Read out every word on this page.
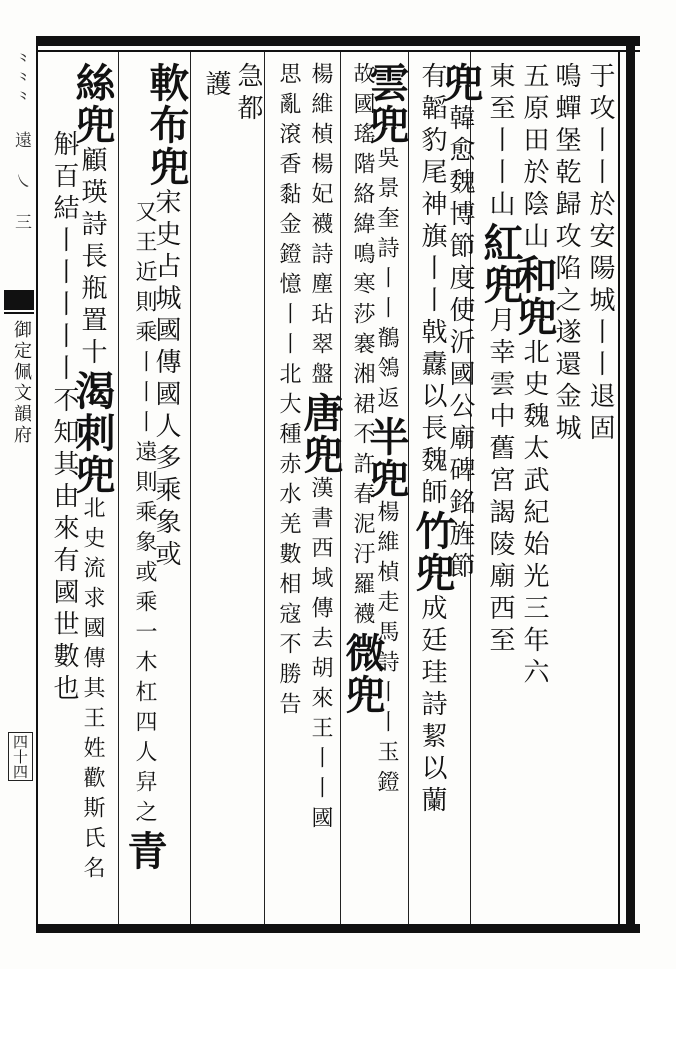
⺀⺀⺀ 遠 ㇏ 三
御定佩文韻府
四十四
于攻丨丨於安陽城丨丨退固
鳴蟬堡乾歸攻陷之遂還金城
五原田於陰山和兜北史魏太武紀始光三年六
東至丨丨山紅兜月幸雲中舊宮謁陵廟西至
兜韓愈魏博節度使沂國公廟碑銘旌節
有韜豹尾神旗丨丨戟纛以長魏師竹兜成廷珪詩絜以蘭
雲兜吳景奎詩丨丨鶺鴒返半兜楊維楨走馬詩丨丨玉鐙
故國瑤階絡緯鳴寒莎褰湘裙不許春泥汙羅襪微兜
楊維楨楊妃襪詩塵玷翠盤唐兜漢書西域傳去胡來王丨丨國
思亂滾香黏金鐙憶丨丨北大種赤水羌數相寇不勝告
急都
護
軟布兜宋史占城國傳國人多乘象或
又王近則乘丨丨丨遠則乘象或乘一木杠四人舁之青
絲兜顧瑛詩長瓶置十渴刺兜北史流求國傳其王姓歡斯氏名
斛百結丨丨丨丨丨不知其由來有國世數也
